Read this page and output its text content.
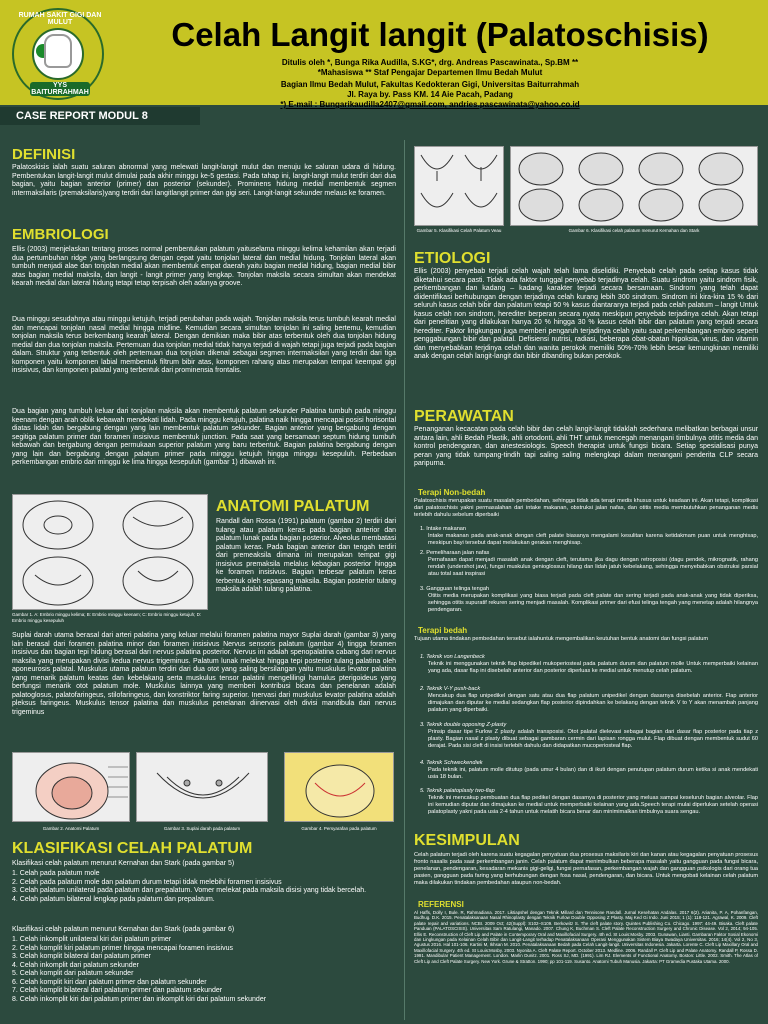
RUMAH SAKIT GIGI DAN MULUT
YYS BAITURRAHMAH
Celah Langit langit (Palatoschisis)
Ditulis oleh *, Bunga Rika Audilla, S.KG*, drg. Andreas Pascawinata., Sp.BM **
*Mahasiswa ** Staf Pengajar Departemen Ilmu Bedah Mulut
Bagian Ilmu Bedah Mulut, Fakultas Kedokteran Gigi, Universitas Baiturrahmah
Jl. Raya by. Pass KM. 14 Aie Pacah, Padang
*) E-mail : Bungarikaudilla2407@gmail.com, andries.pascawinata@yahoo.co.id
CASE REPORT MODUL 8
DEFINISI
Palatoskisis ialah suatu saluran abnormal yang melewati langit-langit mulut dan menuju ke saluran udara di hidung. Pembentukan langit-langit mulut dimulai pada akhir minggu ke-5 gestasi. Pada tahap ini, langit-langit mulut terdiri dari dua bagian, yaitu bagian anterior (primer) dan posterior (sekunder). Prominens hidung medial membentuk segmen intermaksilaris (premaksilaris)yang terdiri dari langitlangit primer dan gigi seri. Langit-langit sekunder melaus ke foramen.
EMBRIOLOGI
Ellis (2003) menjelaskan tentang proses normal pembentukan palatum yaituselama minggu kelima kehamilan akan terjadi dua pertumbuhan ridge yang berlangsung dengan cepat yaitu tonjolan lateral dan medial hidung. Tonjolan lateral akan tumbuh menjadi alae dan tonjolan medial akan membentuk empat daerah yaitu bagian medial hidung, bagian medial bibir atas bagian medial maksila, dan langit - langit primer yang lengkap. Tonjolan maksila secara simultan akan mendekat kearah medial dan lateral hidung tetapi tetap terpisah oleh adanya groove.
Dua minggu sesudahnya atau minggu ketujuh, terjadi perubahan pada wajah. Tonjolan maksila terus tumbuh kearah medial dan mencapai tonjolan nasal medial hingga midline. Kemudian secara simultan tonjolan ini saling bertemu, kemudian tonjolan maksila terus berkembang kearah lateral. Dengan demikian maka bibir atas terbentuk oleh dua tonjolan hidung medial dan dua tonjolan maksila. Pertemuan dua tonjolan medial tidak hanya terjadi di wajah tetapi juga terjadi pada bagian dalam. Struktur yang terbentuk oleh pertemuan dua tonjolan dikenal sebagai segmen intermaksilari yang terdiri dari tiga komponen yaitu komponen labial membentuk filtrum bibir atas, komponen rahang atas merupakan tempat keempat gigi insisivus, dan komponen palatal yang terbentuk dari prominensia frontalis.
Dua bagian yang tumbuh keluar dari tonjolan maksila akan membentuk palatum sekunder Palatina tumbuh pada minggu keenam dengan arah oblik kebawah mendekati lidah. Pada minggu ketujuh, palatina naik hingga mencapai posisi horisontal diatas lidah dan bergabung dengan yang lain membentuk palatum sekunder. Bagian anterior yang bergabung dengan segitiga palatum primer dan foramen insisivus membentuk junction. Pada saat yang bersamaan septum hidung tumbuh kebawah dan bergabung dengan permukaan superior palatum yang baru terbentuk. Bagian palatina bergabung dengan yang lain dan bergabung dengan palatum primer pada minggu ketujuh hingga minggu kesepuluh. Perbedaan perkembangan embrio dari minggu ke lima hingga kesepuluh (gambar 1) dibawah ini.
Gambar 1. A: Embrio minggu kelima; B: Embrio minggu keenam; C: Embrio minggu ketujuh; D: Embrio minggu kesepuluh
ANATOMI PALATUM
Randall dan Rossa (1991) palatum (gambar 2) terdiri dari tulang atau palatum keras pada bagian anterior dan palatum lunak pada bagian posterior. Alveolus membatasi palatum keras. Pada bagian anterior dan tengah terdiri dari premeaksila dimana ini merupakan tempat gigi insisivus premaksila melalus kebagian posterior hingga ke foramen insisivus. Bagian terbesar palatum keras terbentuk oleh sepasang maksila. Bagian posterior tulang maksila adalah tulang palatina.
Suplai darah utama berasal dari arteri palatina yang keluar melalui foramen palatina mayor Suplai darah (gambar 3) yang lain berasal dari foramen palatina minor dan foramen insisivus Nervus sensoris palatum (gambar 4) tingga foramen insisivus dan bagian tepi hidung berasal dari nervus palatina posterior. Nervus ini adalah spenopalatina cabang dari nervus maksila yang merupakan divisi kedua nervus trigeminus. Palatum lunak melekat hingga tepi posterior tulang palatina oleh aponeurosis palatal. Muskulus utama palatum terdiri dari dua otot yang saling bersilangan yaitu muskulus levator palatina yang menarik palatum keatas dan kebelakang serta muskulus tensor palatini mengelilingi hamulus pterigoideus yang berfungsi menarik otot palatum mole. Muskulus lainnya yang memberi kontribusi bicara dan penelanan adalah palatoglosus, palatofaringeus, stilofaringeus, dan konstriktor faring superior. Inervasi dari muskulus levator palatina adalah pleksus faringeus. Muskulus tensor palatina dan muskulus penelanan diinervasi oleh divisi mandibula dari nervus trigeminus
Gambar 2. Anatomi Palatum	Gambar 3. Suplai darah pada palatum	Gambar 4. Persyarafan pada palatum
KLASIFIKASI CELAH PALATUM
Klasifikasi celah palatum menurut Kernahan dan Stark (pada gambar 5)
1. Celah pada palatum mole
2. Celah pada palatum mole dan palatum durum tetapi tidak melebihi foramen insisivus
3. Celah palatum unilateral pada palatum dan prepalatum. Vomer melekat pada maksila disisi yang tidak bercelah.
4. Celah palatum bilateral lengkap pada palatum dan prepalatum.
Klasifikasi celah palatum menurut Kernahan dan Stark (pada gambar 6)
1. Celah inkomplit unilateral kiri dari palatum primer
2. Celah komplit kiri palatum primer hingga mencapai foramen insisivus
3. Celah komplit bilateral dari palatum primer
4. Celah inkomplit dari palatum sekunder
5. Celah komplit dari palatum sekunder
6. Celah komplit kiri dari palatum primer dan palatum sekunder
7. Celah komplit bilateral dari palatum primer dan palatum sekunder
8. Celah inkomplit kiri dari palatum primer dan inkomplit kiri dari palatum sekunder
Gambar 5. Klasifikasi Celah Palatum Veau	Gambar 6. Klasifikasi celah palatum menurut Kernahan dan Stark
ETIOLOGI
Ellis (2003) penyebab terjadi celah wajah telah lama diselidiki. Penyebab celah pada setiap kasus tidak diketahui secara pasti. Tidak ada faktor tunggal penyebab terjadinya celah. Suatu sindrom yaitu sindrom fisik, perkembangan dan kadang – kadang karakter terjadi secara bersamaan. Sindrom yang telah dapat diidentifikasi berhubungan dengan terjadinya celah kurang lebih 300 sindrom. Sindrom ini kira-kira 15 % dari seluruh kasus celah bibir dan palatum tetapi 50 % kasus diantaranya terjadi pada celah palatum – langit Untuk kasus celah non sindrom, herediter berperan secara nyata meskipun penyebab terjadinya celah. Akan tetapi dari penelitian yang dilakukan hanya 20 % hingga 30 % kasus celah bibir dan palatum yang terjadi secara herediter. Faktor lingkungan juga memberi pengaruh terjadinya celah yaitu saat perkembangan embrio seperti penggabungan bibir dan palatal. Defisiensi nutrisi, radiasi, beberapa obat-obatan hipoksia, virus, dan vitamin dan menyebabkan terjdinya celah dan wanita perokok memiliki 50%-70% lebih besar kemungkinan memiliki anak dengan celah langit-langit dan bibir dibanding bukan perokok.
PERAWATAN
Penanganan kecacatan pada celah bibir dan celah langit-langit tidaklah sederhana melibatkan berbagai unsur antara lain, ahli Bedah Plastik, ahli ortodonti, ahli THT untuk mencegah menangani timbulnya otitis media dan kontrol pendengaran, dan anestesiologis. Speech therapist untuk fungsi bicara. Setiap spesialisasi punya peran yang tidak tumpang-tindih tapi saling saling melengkapi dalam menangani penderita CLP secara paripurna.
Terapi Non-bedah
Palatoschisis merupakan suatu masalah pembedahan, sehingga tidak ada terapi medis khusus untuk keadaan ini. Akan tetapi, komplikasi dari palatoschisis yakni permasalahan dari intake makanan, obstruksi jalan nafas, dan otitis media membutuhkan penanganan medis terlebih dahulu sebelum diperbaiki
1. Intake makanan
Intake makanan pada anak-anak dengan cleft palate biasanya mengalami kesulitan karena ketidakmam puan untuk menghisap, meskipun bayi tersebut dapat melakukan gerakan menghisap.
2. Pemeliharaan jalan nafas
Pernafasan dapat menjadi masalah anak dengan cleft, terutama jika dagu dengan retroposisi (dagu pendek, mikrognatik, rahang rendah (undershot jaw), fungsi muskulus genioglossus hilang dan lidah jatuh kebelakang, sehingga menyebabkan obstruksi parsial atau total saat inspirasi
3. Gangguan telinga tengah
Otitis media merupakan komplikasi yang biasa terjadi pada cleft palate dan sering terjadi pada anak-anak yang tidak diperiksa, sehingga otitis supuratif rekuren sering menjadi masalah. Komplikasi primer dari efusi telinga tengah yang menetap adalah hilangnya pendengaran.
Terapi bedah
Tujuan utama tindakan pembedahan tersebut ialahuntuk mengembalikan keutuhan bentuk anatomi dan fungsi palatum
1. Teknik von Langenbeck
Teknik ini menggunakan teknik flap bipedikel mukoperiosteal pada palatum durum dan palatum molle Untuk memperbaiki kelainan yang ada, dasar flap ini disebelah anterior dan posterior diperluas ke medial untuk menutup celah palatum.
2. Teknik V-Y push-back
Mencakup dua flap unipedikel dengan satu atau dua flap palatum unipedikel dengan dasarnya disebelah anterior. Flap anterior dimajukan dan diputar ke medial sedangkan flap posterior dipindahkan ke belakang dengan teknik V to Y akan menambah panjang palatum yang diperbaiki.
3. Teknik double opposing Z-plasty
Prinsip dasar tipe Furlow Z plasty adalah transposisi. Otot palatal dielevasi sebagai bagian dari dasar flap posterior pada tiap z plasty. Bagian nasal z plasty dibuat sebagai gambaran cermin dari lapisan rongga mulut. Flap dibuat dengan membentuk sudut 60 derajat. Pada sisi cleft di insisi terlebih dahulu dan didapatkan mucoperiosteal flap.
4. Teknik Schweckendiek
Pada teknik ini, palatum molle ditutup (pada umur 4 bulan) dan di ikuti dengan penutupan palatum durum ketika si anak mendekati usia 18 bulan.
5. Teknik palatoplasty two-flap
Teknik ini mencakup pembuatan dua flap pedikel dengan dasarnya di posterior yang meluas sampai keseluruh bagian alveolar. Flap ini kemudian diputar dan dimajukan ke medial untuk memperbaiki kelainan yang ada.Speech terapi mulai diperlukan setelah operasi palatoplasty yakni pada usia 2-4 tahun untuk melatih bicara benar dan minimimalkan timbulnya suara sengau.
KESIMPULAN
Celah palatum terjadi oleh karena suatu kegagalan penyatuan dua prosesus maksilaris kiri dan kanan atau kegagalan penyatuan prosesus fronto nasalis pada saat perkembangan janin. Celah palatum dapat menimbulkan beberapa masalah yaitu gangguan pada fungsi bicara, penelanan, pendengaran, kesadaran mekanis gigi-geligi, fungsi pernafasan, perkembangan wajah dan gangguan psikologis dari orang tua pasien, gangguan pada faring yang berhubungan dengan fosa nasal, pendengaran, dan bicara. Untuk mengobati kelainan celah palatum maka dilakukan tindakan pembedahan ataupun non-bedah.
REFERENSI
Al Haffs, Dolly I, Bule. R, Rahmadiana. 2017. Liktiapshel dengan Teknik Millard dan Tennisone Randall. Jurnal Kesehatan Andalas. 2017 6(2). Arianita, P. A, Pohanfangan, Budhug. D.K. 2015. Penatalaksanaan Nasal Rhinoplasty dengan Teknik Furlow Double Opposing Z Plasty. Maj Ked Gi Indo. Juni 2015; 1 (1): 118-121. Agrawal, K. 2009. Cleft palate repair and variations. NCBI. 2009 Oct; 42(Suppl): S102–S109. Berkowitz S. The cleft palate story. Quintes Publishing Co. Chicago. 1997: 44-49. Bisaka. Cleft palate Panduan (PALATOSCISIS). Universitas Sam Ratulangi, Manado. 2007. Chung K, Buchman S. Cleft Palate Reconstruction Surgery and Chronic Disease. Vol 2, 2014; 94-105. Ellis E. Reconstruction of Cleft Lip and Palate in Contemporary Oral and Maxillofacial Surgery. 4th ed. St Louis:Mosby. 2003. Gunawan, Lianti. Gambaran Faktor Sosial Ekonomi dan Lingkungan pada Kelainan Celah Bibir dan Langit-Langit terhadap Penatalaksanaan Operasi Menggunakan Sistem Biaya Swadaya Universitas. 2016; 14(4). Vol 2, No 3, Agustus 2016. Hal 101-106. Kartini M, Ikhsan M. 2010. Penatalaksanaan Bedah pada Celah Langit-langit. Universitas Indonesia. Jakarta. Lorente C. Cleft Lip Maxillary Oral and Maxillofacial Surgery. 4th ed. St Louis:Mosby. 2003. Nyonita A. Cleft Palate Report. October 2013. Medline. 2006. Randall P. Cleft Lip and Palate Anatomy. Randall P, Rossa D. 1991. Mandibular Patient Management. London. Marlin Dunitz. 2001. Ross SJ, MD. (1991). Lim RJ. Elements of Functional Anatomy. Boston: Little. 2002. Smith. The Atlas of Cleft Lip and Cleft Palate Surgery. New York. Grune & Stratton. 1990; pp 101-119. Susanto. Anatomi Tubuh Manusia. Jakarta: PT Gramedia Pustaka Utama. 2000.
